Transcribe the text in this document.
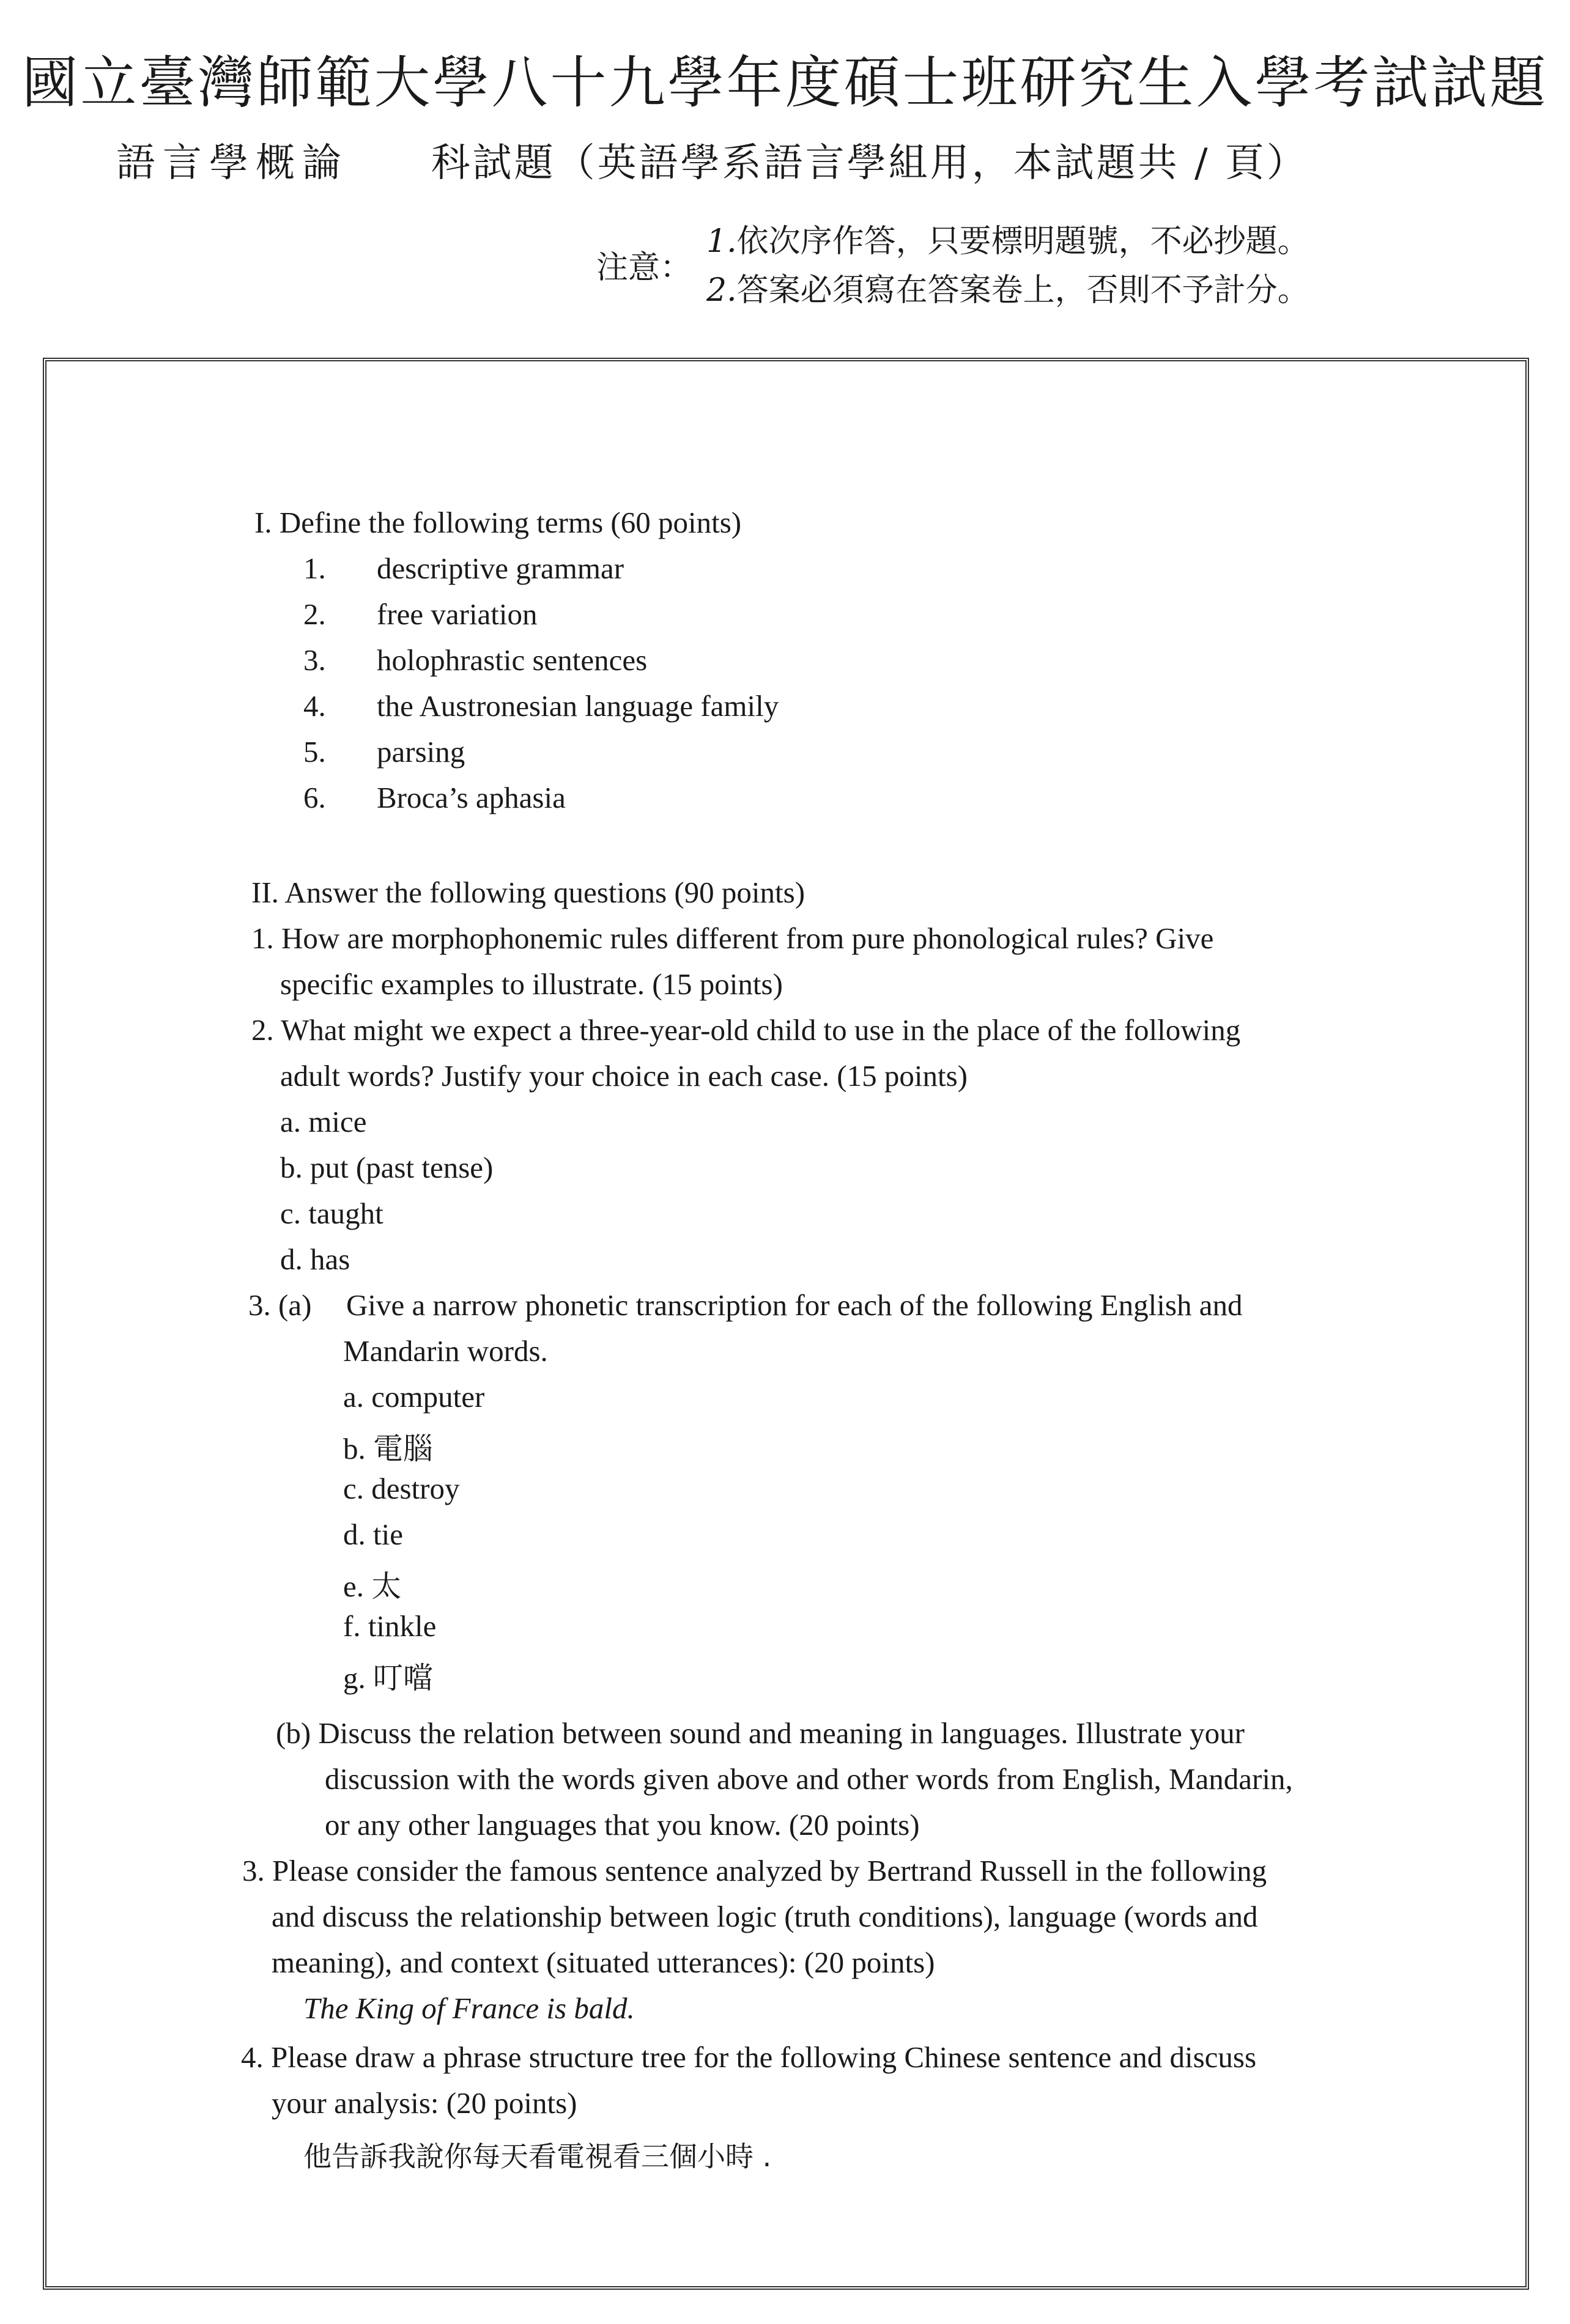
國立臺灣師範大學八十九學年度碩士班研究生入學考試試題
語言學概論 科試題（英語學系語言學組用，本試題共 / 頁）
注意：
1.依次序作答，只要標明題號，不必抄題。
2.答案必須寫在答案卷上，否則不予計分。
I. Define the following terms (60 points)
1. descriptive grammar
2. free variation
3. holophrastic sentences
4. the Austronesian language family
5. parsing
6. Broca’s aphasia
II. Answer the following questions (90 points)
1. How are morphophonemic rules different from pure phonological rules? Give
specific examples to illustrate. (15 points)
2. What might we expect a three-year-old child to use in the place of the following
adult words? Justify your choice in each case. (15 points)
a. mice
b. put (past tense)
c. taught
d. has
3. (a) Give a narrow phonetic transcription for each of the following English and
Mandarin words.
a. computer
b. 電腦
c. destroy
d. tie
e. 太
f. tinkle
g. 叮噹
(b) Discuss the relation between sound and meaning in languages. Illustrate your
discussion with the words given above and other words from English, Mandarin,
or any other languages that you know. (20 points)
3. Please consider the famous sentence analyzed by Bertrand Russell in the following
and discuss the relationship between logic (truth conditions), language (words and
meaning), and context (situated utterances): (20 points)
The King of France is bald.
4. Please draw a phrase structure tree for the following Chinese sentence and discuss
your analysis: (20 points)
他告訴我說你每天看電視看三個小時 .
